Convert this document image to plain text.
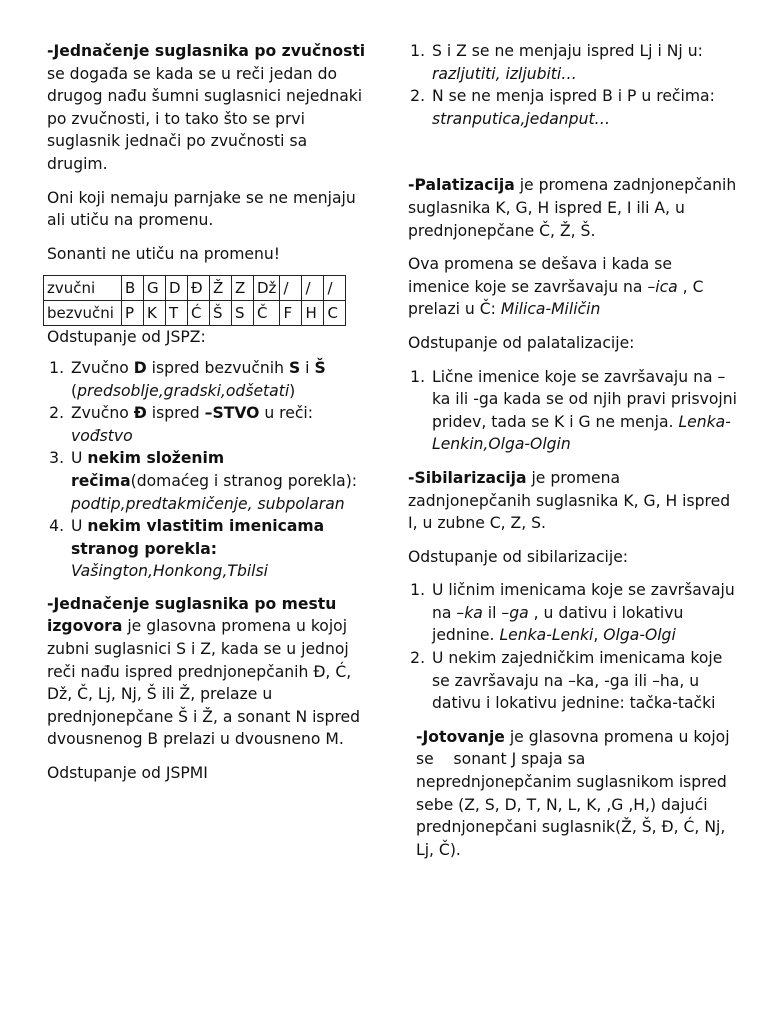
-Jednačenje suglasnika po zvučnosti se događa se kada se u reči jedan do drugog nađu šumni suglasnici nejednaki po zvučnosti, i to tako što se prvi suglasnik jednači po zvučnosti sa drugim.

Oni koji nemaju parnjake se ne menjaju ali utiču na promenu.

Sonanti ne utiču na promenu!

zvučni	B	G	D	Đ	Ž	Z	Dž	/	/	/
bezvučni	P	K	T	Ć	Š	S	Č	F	H	C

Odstupanje od JSPZ:

1. Zvučno D ispred bezvučnih S i Š (predsoblje,gradski,odšetati)
2. Zvučno Đ ispred –STVO u reči:
vođstvo
3. U nekim složenim rečima(domaćeg i stranog porekla):
podtip,predtakmičenje, subpolaran
4. U nekim vlastitim imenicama stranog porekla:
Vašington,Honkong,Tbilsi

-Jednačenje suglasnika po mestu izgovora je glasovna promena u kojoj zubni suglasnici S i Z, kada se u jednoj reči nađu ispred prednjonepčanih Đ, Ć, Dž, Č, Lj, Nj, Š ili Ž, prelaze u prednjonepčane Š i Ž, a sonant N ispred dvousnenog B prelazi u dvousneno M.

Odstupanje od JSPMI

1. S i Z se ne menjaju ispred Lj i Nj u: razljutiti, izljubiti…
2. N se ne menja ispred B i P u rečima: stranputica,jedanput…

-Palatizacija je promena zadnjonepčanih suglasnika K, G, H ispred E, I ili A, u prednjonepčane Č, Ž, Š.

Ova promena se dešava i kada se imenice koje se završavaju na –ica , C prelazi u Č: Milica-Miličin

Odstupanje od palatalizacije:

1. Lične imenice koje se završavaju na –ka ili -ga kada se od njih pravi prisvojni pridev, tada se K i G ne menja. Lenka-Lenkin,Olga-Olgin

-Sibilarizacija je promena zadnjonepčanih suglasnika K, G, H ispred I, u zubne C, Z, S.

Odstupanje od sibilarizacije:

1. U ličnim imenicama koje se završavaju na –ka il –ga , u dativu i lokativu jednine. Lenka-Lenki, Olga-Olgi
2. U nekim zajedničkim imenicama koje se završavaju na –ka, -ga ili –ha, u dativu i lokativu jednine: tačka-tački

-Jotovanje je glasovna promena u kojoj se    sonant J spaja sa neprednjonepčanim suglasnikom ispred sebe (Z, S, D, T, N, L, K, ,G ,H,) dajući prednjonepčani suglasnik(Ž, Š, Đ, Ć, Nj, Lj, Č).
